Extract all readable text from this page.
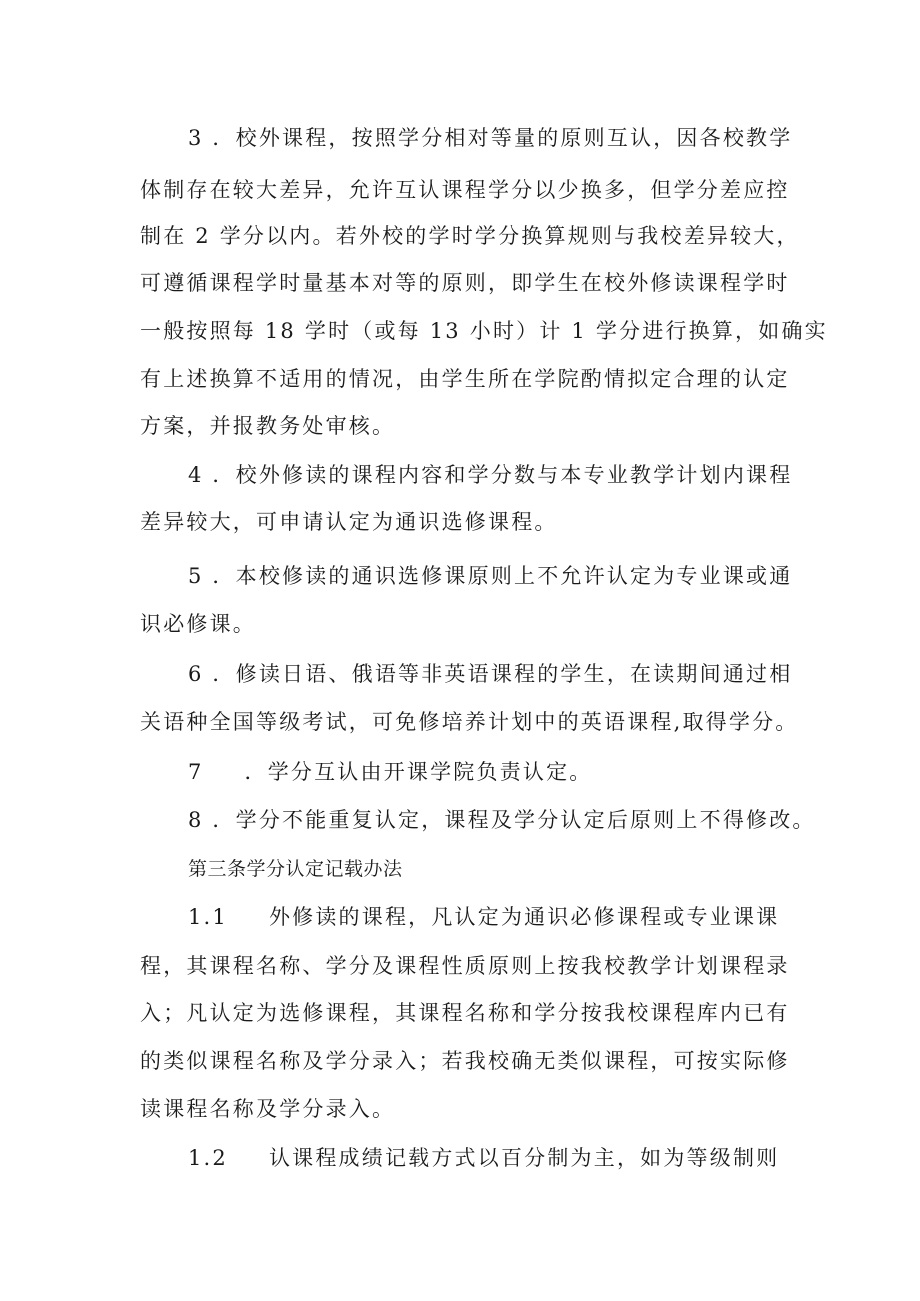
3 ．校外课程，按照学分相对等量的原则互认，因各校教学
体制存在较大差异，允许互认课程学分以少换多，但学分差应控
制在 2 学分以内。若外校的学时学分换算规则与我校差异较大，
可遵循课程学时量基本对等的原则，即学生在校外修读课程学时
一般按照每 18 学时（或每 13 小时）计 1 学分进行换算，如确实
有上述换算不适用的情况，由学生所在学院酌情拟定合理的认定
方案，并报教务处审核。
4 ．校外修读的课程内容和学分数与本专业教学计划内课程
差异较大，可申请认定为通识选修课程。
5 ．本校修读的通识选修课原则上不允许认定为专业课或通
识必修课。
6 ．修读日语、俄语等非英语课程的学生，在读期间通过相
关语种全国等级考试，可免修培养计划中的英语课程,取得学分。
7 　 ．学分互认由开课学院负责认定。
8 ．学分不能重复认定，课程及学分认定后原则上不得修改。
第三条学分认定记载办法
1.1 　 外修读的课程，凡认定为通识必修课程或专业课课
程，其课程名称、学分及课程性质原则上按我校教学计划课程录
入；凡认定为选修课程，其课程名称和学分按我校课程库内已有
的类似课程名称及学分录入；若我校确无类似课程，可按实际修
读课程名称及学分录入。
1.2 　 认课程成绩记载方式以百分制为主，如为等级制则
